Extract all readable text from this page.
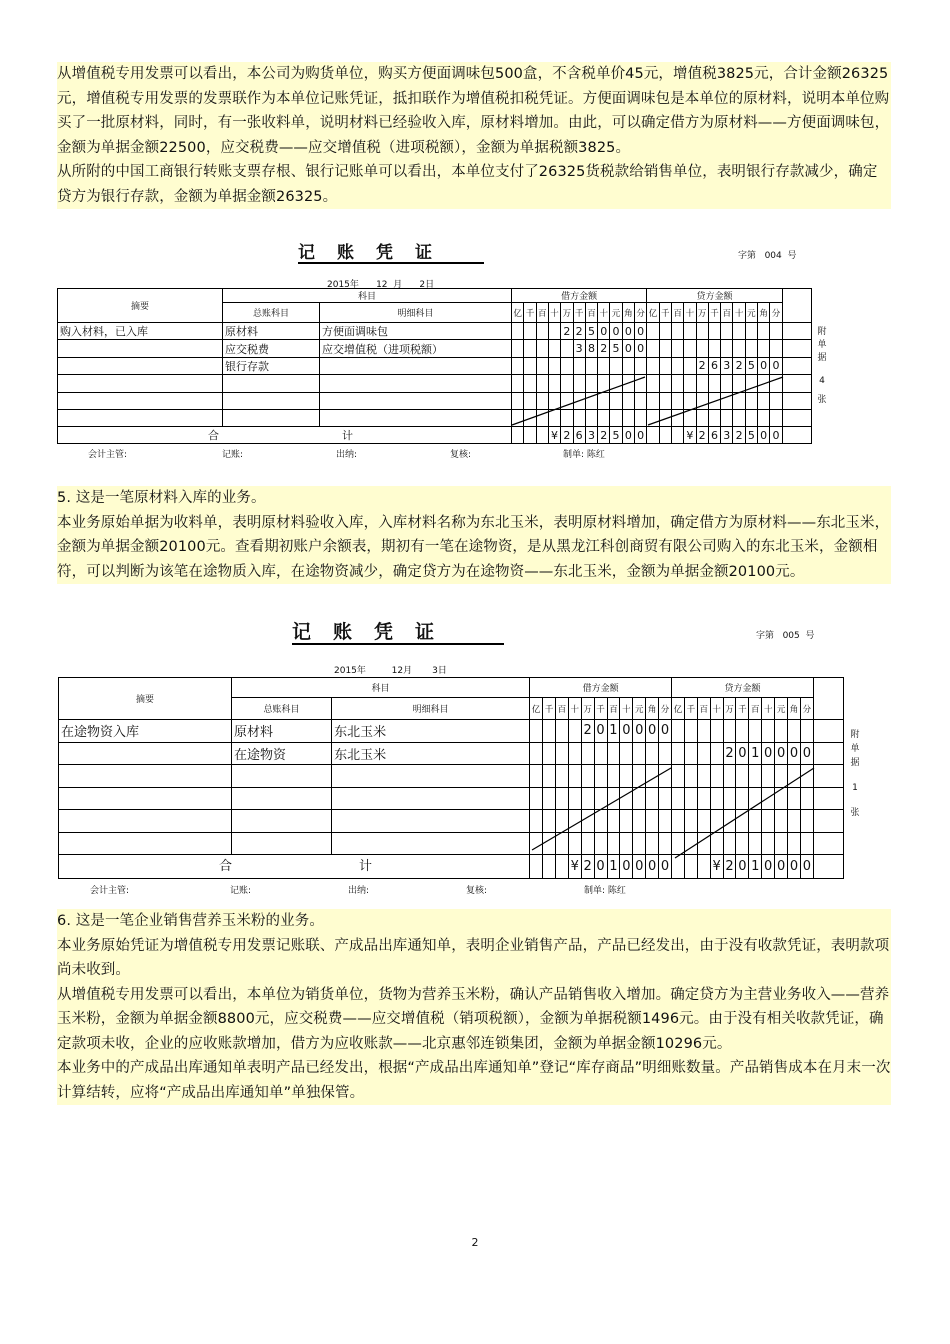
从增值税专用发票可以看出，本公司为购货单位，购买方便面调味包500盒，不含税单价45元，增值税3825元，合计金额26325元，增值税专用发票的发票联作为本单位记账凭证，抵扣联作为增值税扣税凭证。方便面调味包是本单位的原材料，说明本单位购买了一批原材料，同时，有一张收料单，说明材料已经验收入库，原材料增加。由此，可以确定借方为原材料——方便面调味包，金额为单据金额22500，应交税费——应交增值税（进项税额），金额为单据税额3825。

从所附的中国工商银行转账支票存根、银行记账单可以看出，本单位支付了26325货税款给销售单位，表明银行存款减少，确定贷方为银行存款，金额为单据金额26325。

记账凭证	字第   004  号
2015年      12  月      2日
摘要	科目		借方金额											贷方金额											
	总账科目	明细科目	亿	千	百	十	万	千	百	十	元	角	分	亿	千	百	十	万	千	百	十	元	角	分	
购入材料，已入库	原材料	方便面调味包					2	2	5	0	0	0	0												
	应交税费	应交增值税（进项税额）						3	8	2	5	0	0												
	银行存款																	2	6	3	2	5	0	0	

合 计						¥	2	6	3	2	5	0	0				¥	2	6	3	2	5	0	0	
附
单
据
4
张
会计主管:	记账:	出纳:	复核:	制单: 陈红

5. 这是一笔原材料入库的业务。

本业务原始单据为收料单，表明原材料验收入库，入库材料名称为东北玉米，表明原材料增加，确定借方为原材料——东北玉米，金额为单据金额20100元。查看期初账户余额表，期初有一笔在途物资，是从黑龙江科创商贸有限公司购入的东北玉米，金额相符，可以判断为该笔在途物质入库，在途物资减少，确定贷方为在途物资——东北玉米，金额为单据金额20100元。

记账凭证	字第   005  号
2015年         12月       3日
摘要	科目		借方金额											贷方金额											
	总账科目	明细科目	亿	千	百	十	万	千	百	十	元	角	分	亿	千	百	十	万	千	百	十	元	角	分	
在途物资入库	原材料	东北玉米					2	0	1	0	0	0	0												
	在途物资	东北玉米																2	0	1	0	0	0	0	

合 计						¥	2	0	1	0	0	0	0				¥	2	0	1	0	0	0	0	
附
单
据
1
张
会计主管:	记账:	出纳:	复核:	制单: 陈红

6. 这是一笔企业销售营养玉米粉的业务。

本业务原始凭证为增值税专用发票记账联、产成品出库通知单，表明企业销售产品，产品已经发出，由于没有收款凭证，表明款项尚未收到。

从增值税专用发票可以看出，本单位为销货单位，货物为营养玉米粉，确认产品销售收入增加。确定贷方为主营业务收入——营养玉米粉，金额为单据金额8800元，应交税费——应交增值税（销项税额），金额为单据税额1496元。由于没有相关收款凭证，确定款项未收，企业的应收账款增加，借方为应收账款——北京惠邻连锁集团，金额为单据金额10296元。

本业务中的产成品出库通知单表明产品已经发出，根据“产成品出库通知单”登记“库存商品”明细账数量。产品销售成本在月末一次计算结转，应将“产成品出库通知单”单独保管。

2
